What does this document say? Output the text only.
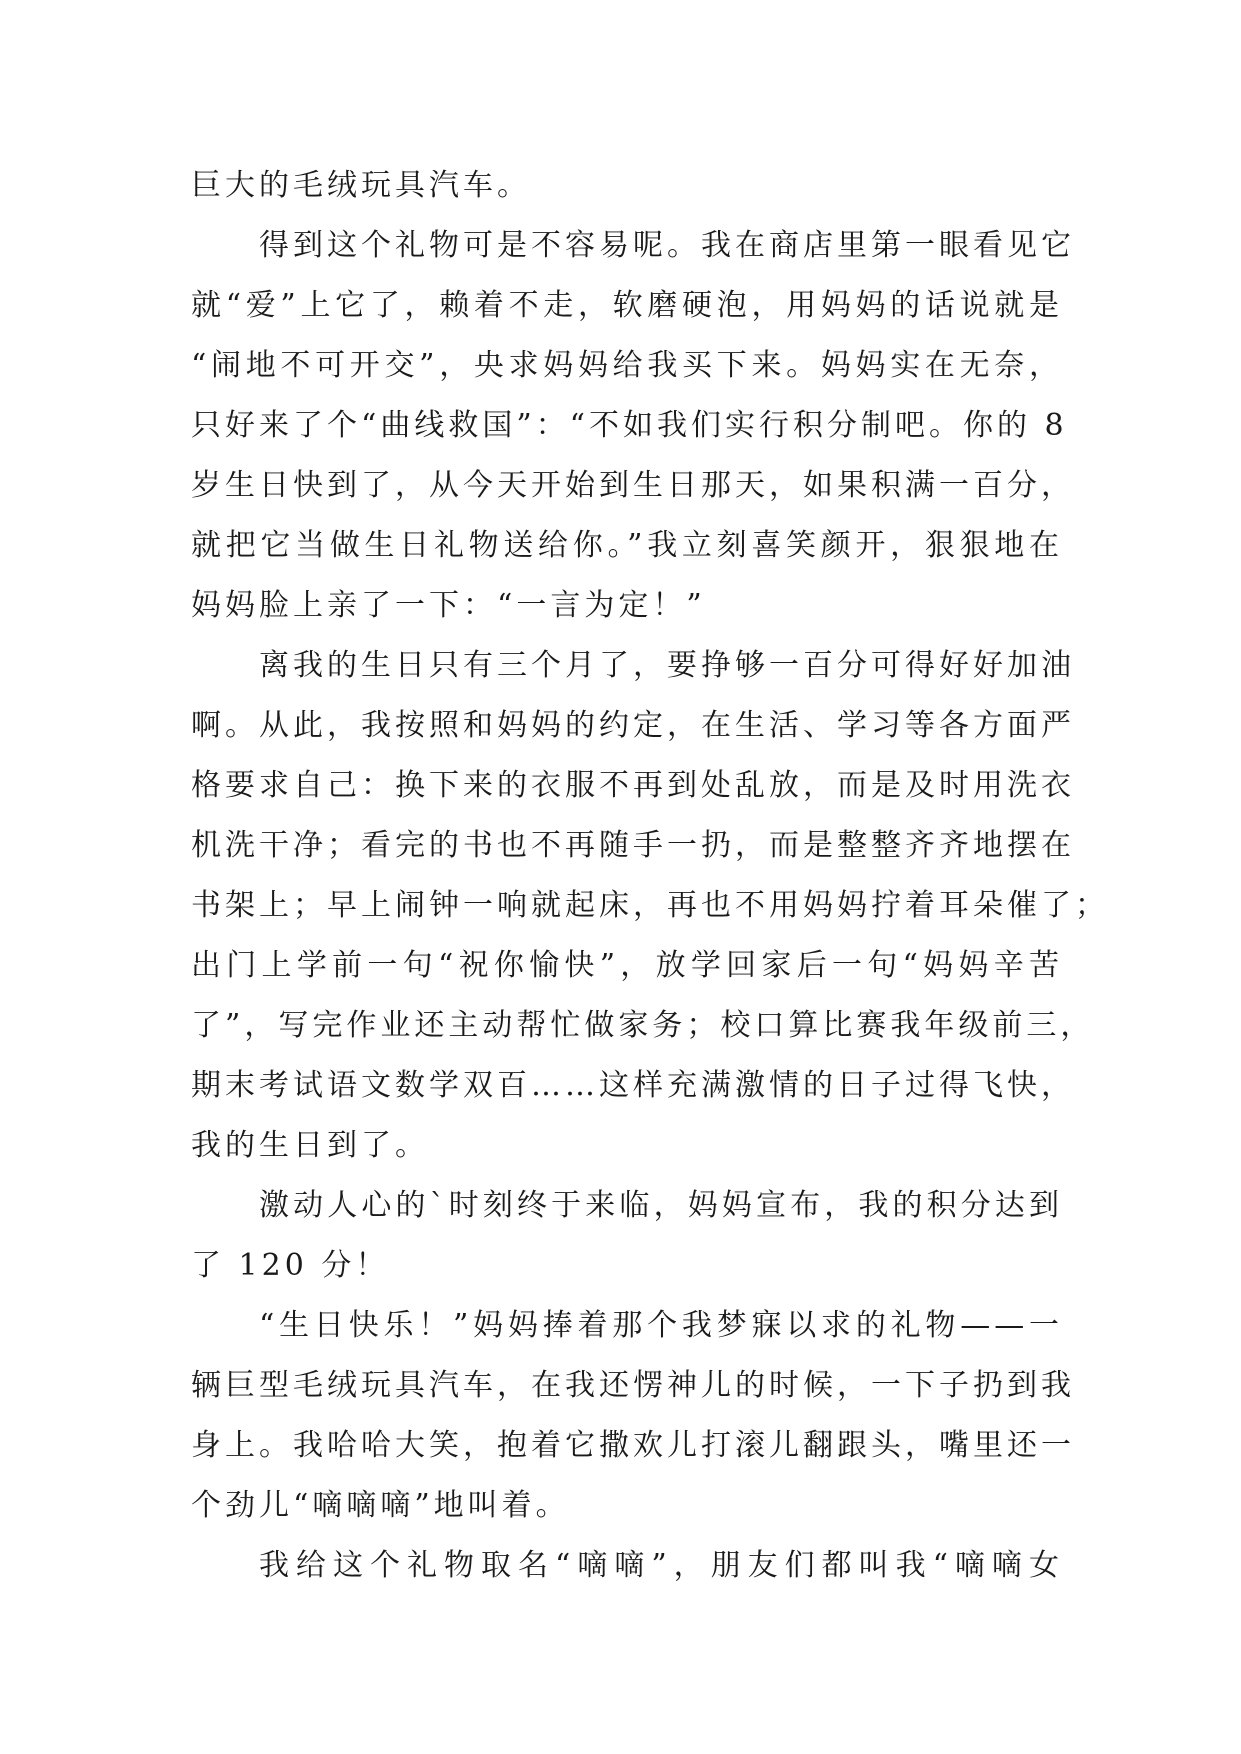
巨大的毛绒玩具汽车。
得到这个礼物可是不容易呢。我在商店里第一眼看见它
就“爱”上它了，赖着不走，软磨硬泡，用妈妈的话说就是
“闹地不可开交”，央求妈妈给我买下来。妈妈实在无奈，
只好来了个“曲线救国”：“不如我们实行积分制吧。你的 8
岁生日快到了，从今天开始到生日那天，如果积满一百分，
就把它当做生日礼物送给你。”我立刻喜笑颜开，狠狠地在
妈妈脸上亲了一下：“一言为定！”
离我的生日只有三个月了，要挣够一百分可得好好加油
啊。从此，我按照和妈妈的约定，在生活、学习等各方面严
格要求自己：换下来的衣服不再到处乱放，而是及时用洗衣
机洗干净；看完的书也不再随手一扔，而是整整齐齐地摆在
书架上；早上闹钟一响就起床，再也不用妈妈拧着耳朵催了；
出门上学前一句“祝你愉快”，放学回家后一句“妈妈辛苦
了”，写完作业还主动帮忙做家务；校口算比赛我年级前三，
期末考试语文数学双百……这样充满激情的日子过得飞快，
我的生日到了。
激动人心的`时刻终于来临，妈妈宣布，我的积分达到
了 120 分！
“生日快乐！”妈妈捧着那个我梦寐以求的礼物——一
辆巨型毛绒玩具汽车，在我还愣神儿的时候，一下子扔到我
身上。我哈哈大笑，抱着它撒欢儿打滚儿翻跟头，嘴里还一
个劲儿“嘀嘀嘀”地叫着。
我给这个礼物取名“嘀嘀”，朋友们都叫我“嘀嘀女
